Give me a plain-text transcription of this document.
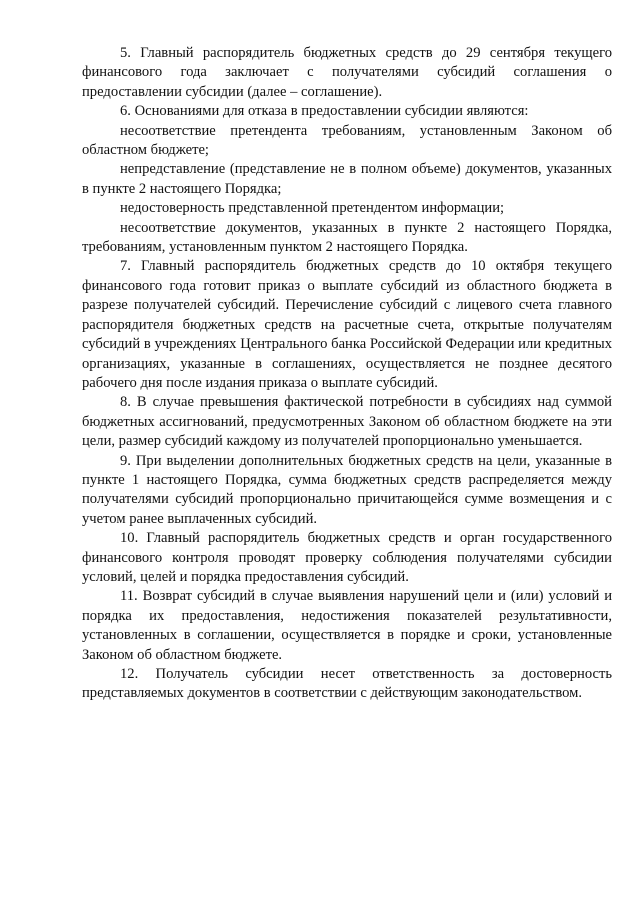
5. Главный распорядитель бюджетных средств до 29 сентября текущего финансового года заключает с получателями субсидий соглашения о предоставлении субсидии (далее – соглашение).

6. Основаниями для отказа в предоставлении субсидии являются:

несоответствие претендента требованиям, установленным Законом об областном бюджете;

непредставление (представление не в полном объеме) документов, указанных в пункте 2 настоящего Порядка;

недостоверность представленной претендентом информации;

несоответствие документов, указанных в пункте 2 настоящего Порядка, требованиям, установленным пунктом 2 настоящего Порядка.

7. Главный распорядитель бюджетных средств до 10 октября текущего финансового года готовит приказ о выплате субсидий из областного бюджета в разрезе получателей субсидий. Перечисление субсидий с лицевого счета главного распорядителя бюджетных средств на расчетные счета, открытые получателям субсидий в учреждениях Центрального банка Российской Федерации или кредитных организациях, указанные в соглашениях, осуществляется не позднее десятого рабочего дня после издания приказа о выплате субсидий.

8. В случае превышения фактической потребности в субсидиях над суммой бюджетных ассигнований, предусмотренных Законом об областном бюджете на эти цели, размер субсидий каждому из получателей пропорционально уменьшается.

9. При выделении дополнительных бюджетных средств на цели, указанные в пункте 1 настоящего Порядка, сумма бюджетных средств распределяется между получателями субсидий пропорционально причитающейся сумме возмещения и с учетом ранее выплаченных субсидий.

10. Главный распорядитель бюджетных средств и орган государственного финансового контроля проводят проверку соблюдения получателями субсидии условий, целей и порядка предоставления субсидий.

11. Возврат субсидий в случае выявления нарушений цели и (или) условий и порядка их предоставления, недостижения показателей результативности, установленных в соглашении, осуществляется в порядке и сроки, установленные Законом об областном бюджете.

12. Получатель субсидии несет ответственность за достоверность представляемых документов в соответствии с действующим законодательством.
